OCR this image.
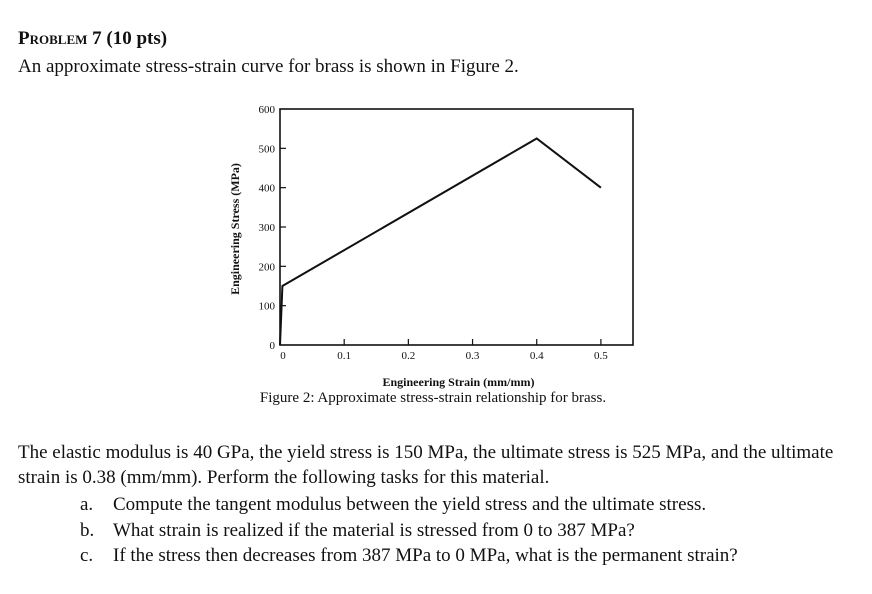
Problem 7 (10 pts)
An approximate stress-strain curve for brass is shown in Figure 2.
0
100
200
300
400
500
600
0	0.1	0.2	0.3	0.4	0.5
Engineering Strain (mm/mm)
Engineering Stress (MPa)
Figure 2: Approximate stress-strain relationship for brass.
The elastic modulus is 40 GPa, the yield stress is 150 MPa, the ultimate stress is 525 MPa, and the ultimate strain is 0.38 (mm/mm). Perform the following tasks for this material.
a.	Compute the tangent modulus between the yield stress and the ultimate stress.
b. What strain is realized if the material is stressed from 0 to 387 MPa?
c.	If the stress then decreases from 387 MPa to 0 MPa, what is the permanent strain?
